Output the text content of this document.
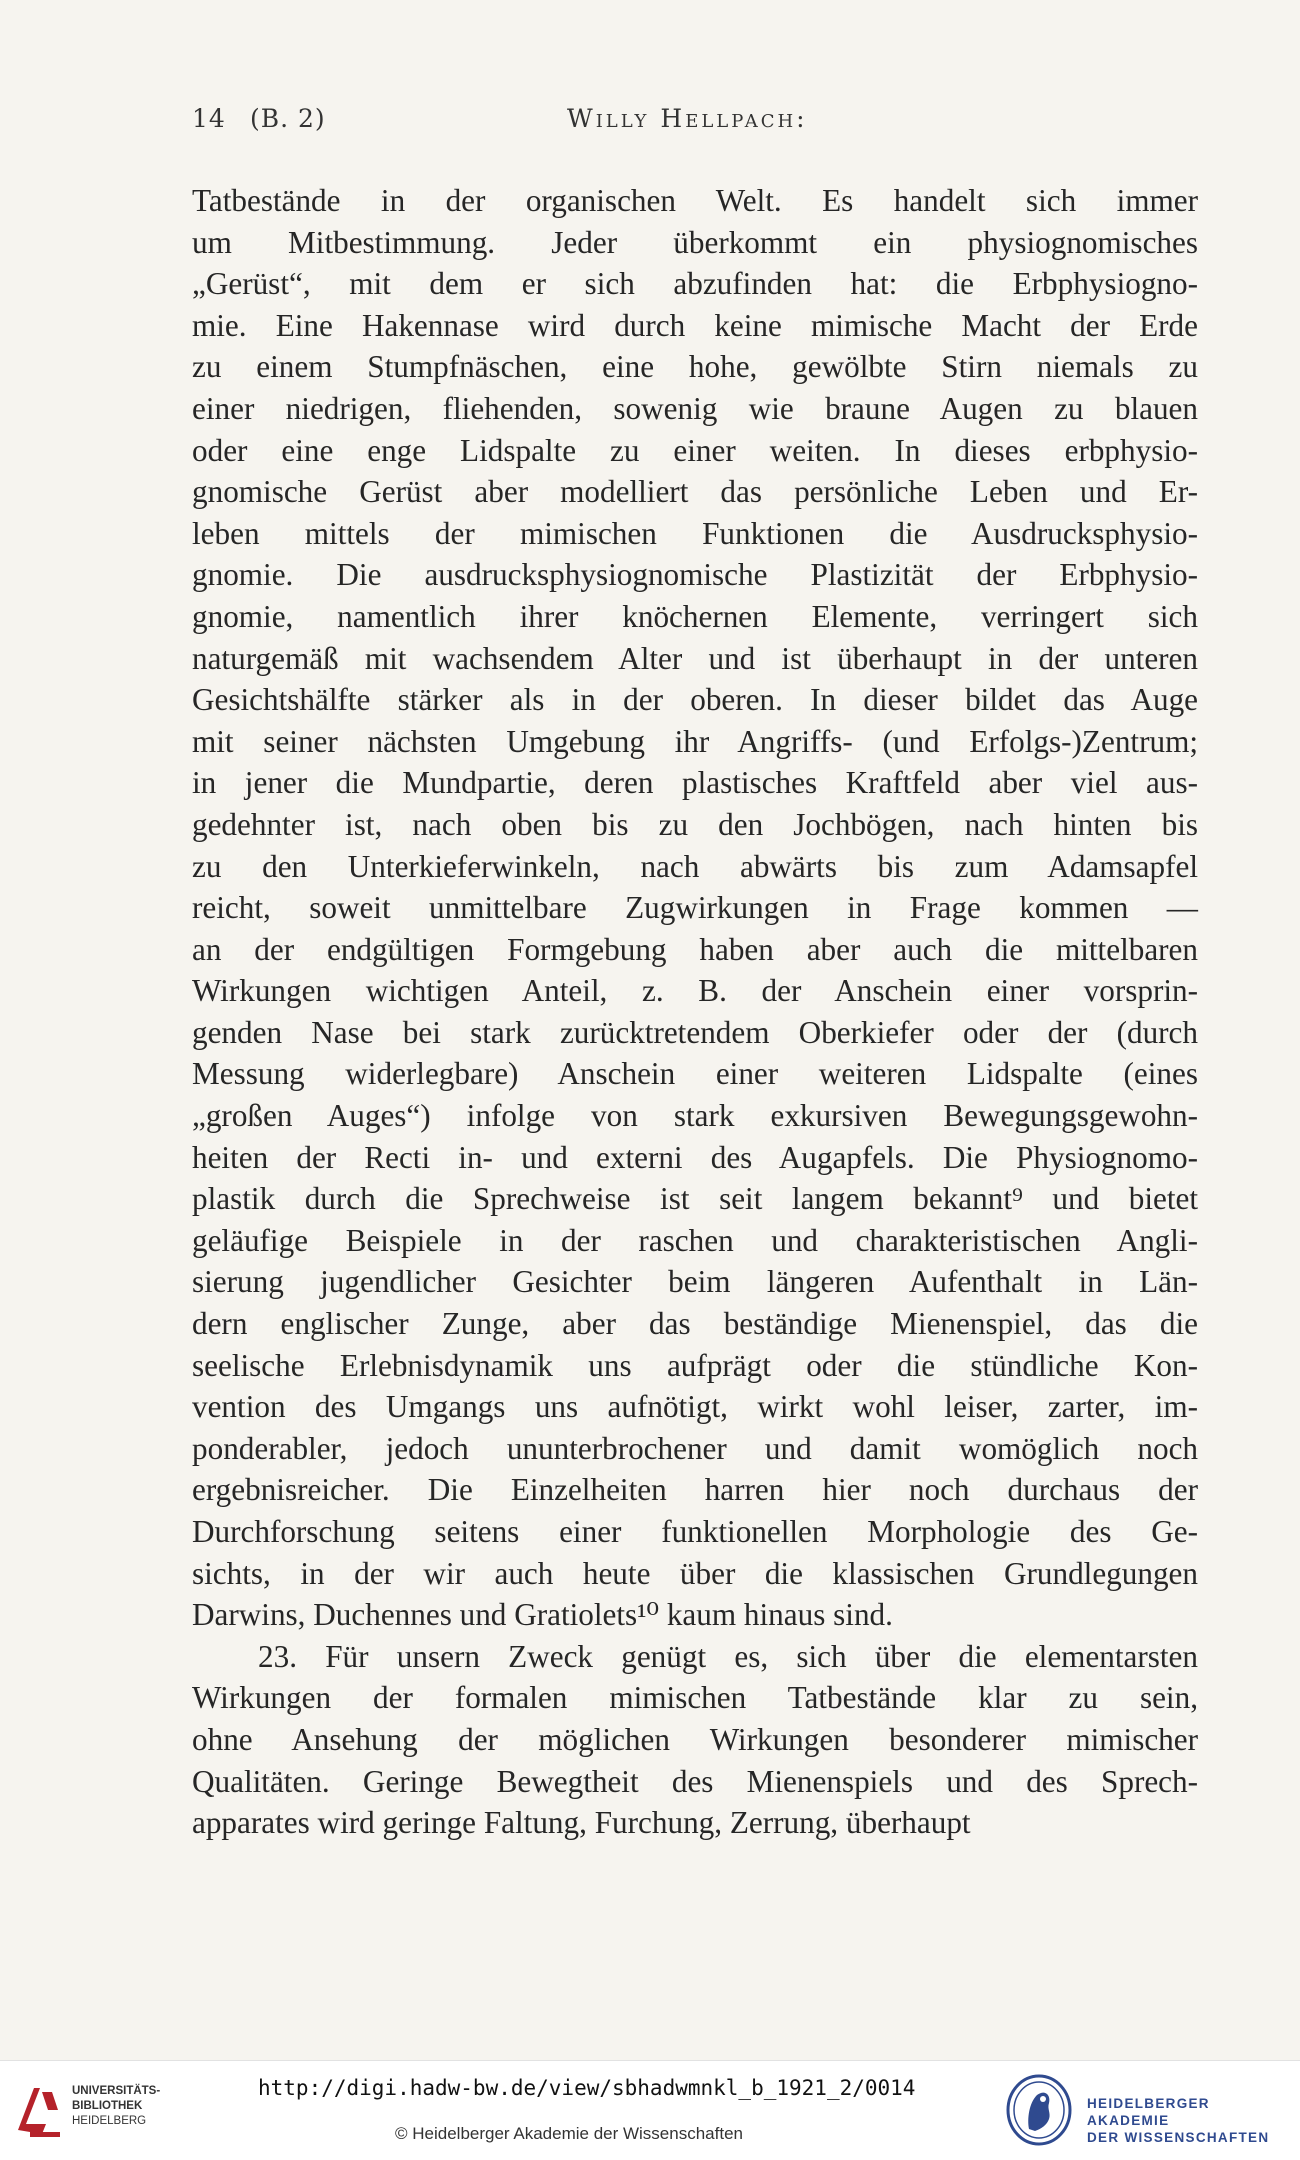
14 (B. 2)	Willy Hellpach:
Tatbestände in der organischen Welt. Es handelt sich immer
um Mitbestimmung. Jeder überkommt ein physiognomisches
„Gerüst“, mit dem er sich abzufinden hat: die Erbphysiogno-
mie. Eine Hakennase wird durch keine mimische Macht der Erde
zu einem Stumpfnäschen, eine hohe, gewölbte Stirn niemals zu
einer niedrigen, fliehenden, sowenig wie braune Augen zu blauen
oder eine enge Lidspalte zu einer weiten. In dieses erbphysio-
gnomische Gerüst aber modelliert das persönliche Leben und Er-
leben mittels der mimischen Funktionen die Ausdrucksphysio-
gnomie. Die ausdrucksphysiognomische Plastizität der Erbphysio-
gnomie, namentlich ihrer knöchernen Elemente, verringert sich
naturgemäß mit wachsendem Alter und ist überhaupt in der unteren
Gesichtshälfte stärker als in der oberen. In dieser bildet das Auge
mit seiner nächsten Umgebung ihr Angriffs- (und Erfolgs-)Zentrum;
in jener die Mundpartie, deren plastisches Kraftfeld aber viel aus-
gedehnter ist, nach oben bis zu den Jochbögen, nach hinten bis
zu den Unterkieferwinkeln, nach abwärts bis zum Adamsapfel
reicht, soweit unmittelbare Zugwirkungen in Frage kommen —
an der endgültigen Formgebung haben aber auch die mittelbaren
Wirkungen wichtigen Anteil, z. B. der Anschein einer vorsprin-
genden Nase bei stark zurücktretendem Oberkiefer oder der (durch
Messung widerlegbare) Anschein einer weiteren Lidspalte (eines
„großen Auges“) infolge von stark exkursiven Bewegungsgewohn-
heiten der Recti in- und externi des Augapfels. Die Physiognomo-
plastik durch die Sprechweise ist seit langem bekannt⁹ und bietet
geläufige Beispiele in der raschen und charakteristischen Angli-
sierung jugendlicher Gesichter beim längeren Aufenthalt in Län-
dern englischer Zunge, aber das beständige Mienenspiel, das die
seelische Erlebnisdynamik uns aufprägt oder die stündliche Kon-
vention des Umgangs uns aufnötigt, wirkt wohl leiser, zarter, im-
ponderabler, jedoch ununterbrochener und damit womöglich noch
ergebnisreicher. Die Einzelheiten harren hier noch durchaus der
Durchforschung seitens einer funktionellen Morphologie des Ge-
sichts, in der wir auch heute über die klassischen Grundlegungen
Darwins, Duchennes und Gratiolets¹⁰ kaum hinaus sind.
23. Für unsern Zweck genügt es, sich über die elementarsten
Wirkungen der formalen mimischen Tatbestände klar zu sein,
ohne Ansehung der möglichen Wirkungen besonderer mimischer
Qualitäten. Geringe Bewegtheit des Mienenspiels und des Sprech-
apparates wird geringe Faltung, Furchung, Zerrung, überhaupt
UNIVERSITÄTS-
BIBLIOTHEK
HEIDELBERG
http://digi.hadw-bw.de/view/sbhadwmnkl_b_1921_2/0014
© Heidelberger Akademie der Wissenschaften
HEIDELBERGER AKADEMIE
DER WISSENSCHAFTEN
